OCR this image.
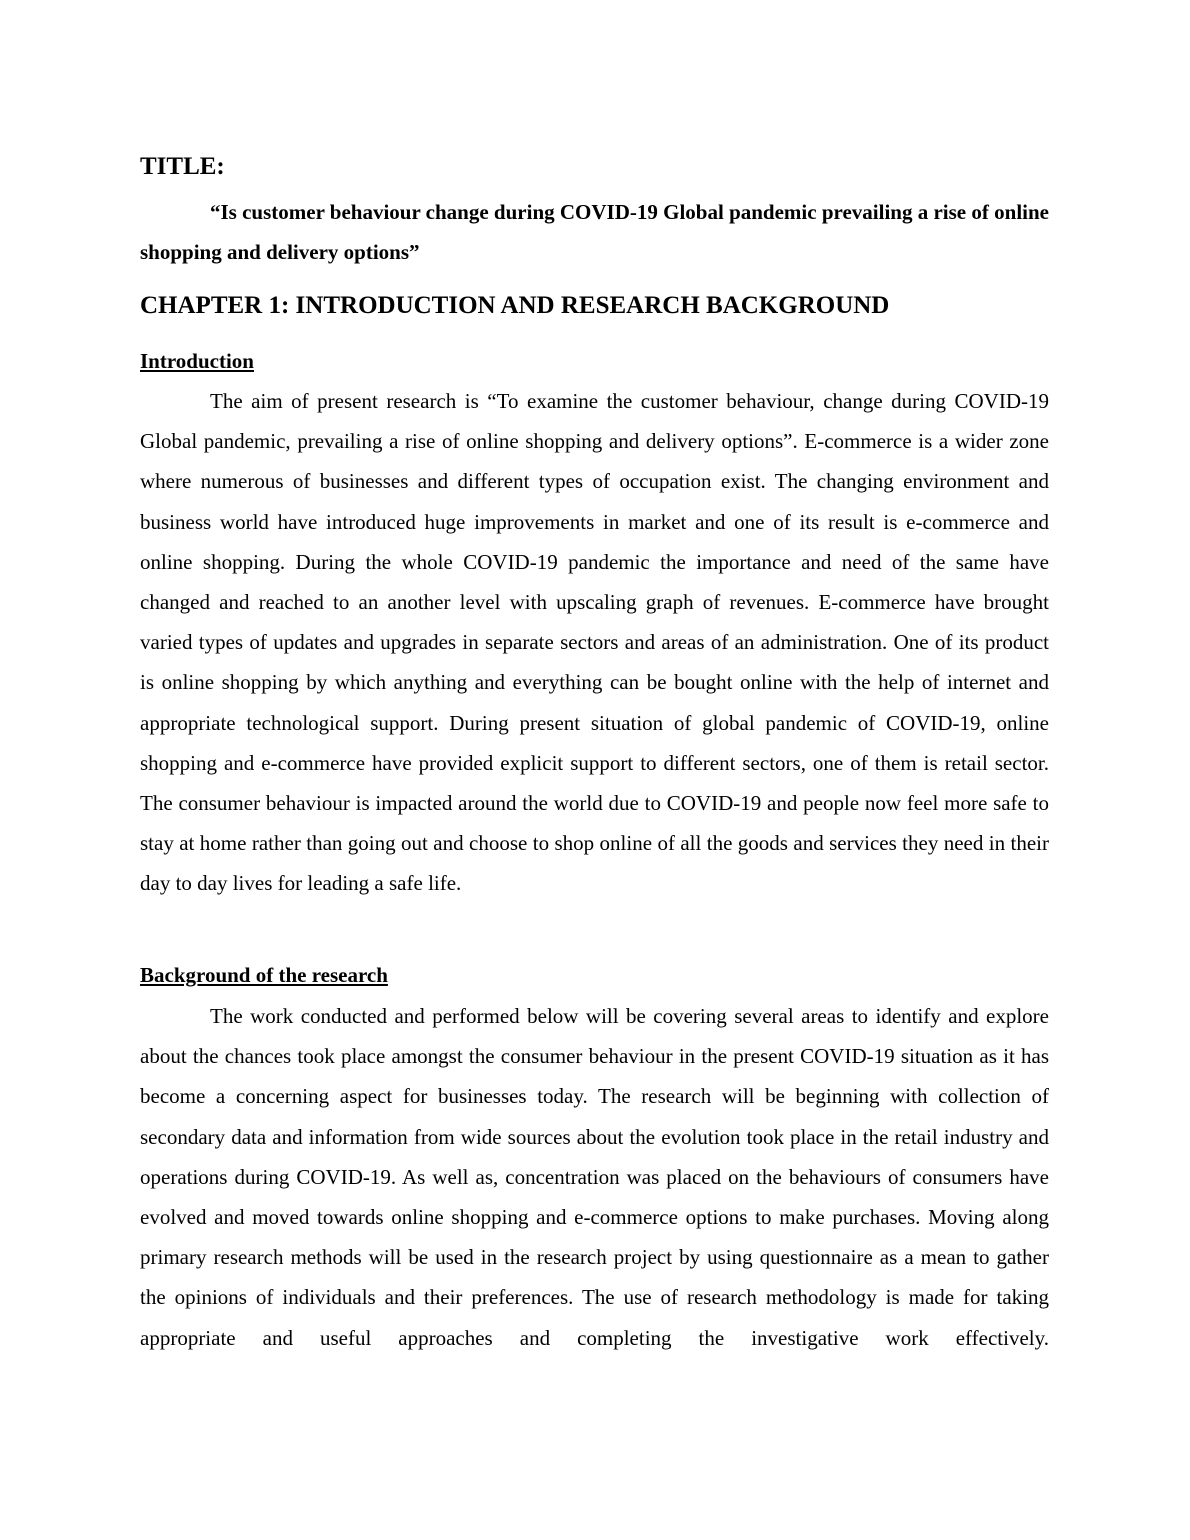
TITLE:

“Is customer behaviour change during COVID-19 Global pandemic prevailing a rise of online shopping and delivery options”

CHAPTER 1: INTRODUCTION AND RESEARCH BACKGROUND
Introduction

The aim of present research is “To examine the customer behaviour, change during COVID-19 Global pandemic, prevailing a rise of online shopping and delivery options”. E-commerce is a wider zone where numerous of businesses and different types of occupation exist. The changing environment and business world have introduced huge improvements in market and one of its result is e-commerce and online shopping. During the whole COVID-19 pandemic the importance and need of the same have changed and reached to an another level with upscaling graph of revenues. E-commerce have brought varied types of updates and upgrades in separate sectors and areas of an administration. One of its product is online shopping by which anything and everything can be bought online with the help of internet and appropriate technological support. During present situation of global pandemic of COVID-19, online shopping and e-commerce have provided explicit support to different sectors, one of them is retail sector. The consumer behaviour is impacted around the world due to COVID-19 and people now feel more safe to stay at home rather than going out and choose to shop online of all the goods and services they need in their day to day lives for leading a safe life.

Background of the research

The work conducted and performed below will be covering several areas to identify and explore about the chances took place amongst the consumer behaviour in the present COVID-19 situation as it has become a concerning aspect for businesses today. The research will be beginning with collection of secondary data and information from wide sources about the evolution took place in the retail industry and operations during COVID-19. As well as, concentration was placed on the behaviours of consumers have evolved and moved towards online shopping and e-commerce options to make purchases. Moving along primary research methods will be used in the research project by using questionnaire as a mean to gather the opinions of individuals and their preferences. The use of research methodology is made for taking appropriate and useful approaches and completing the investigative work effectively.
